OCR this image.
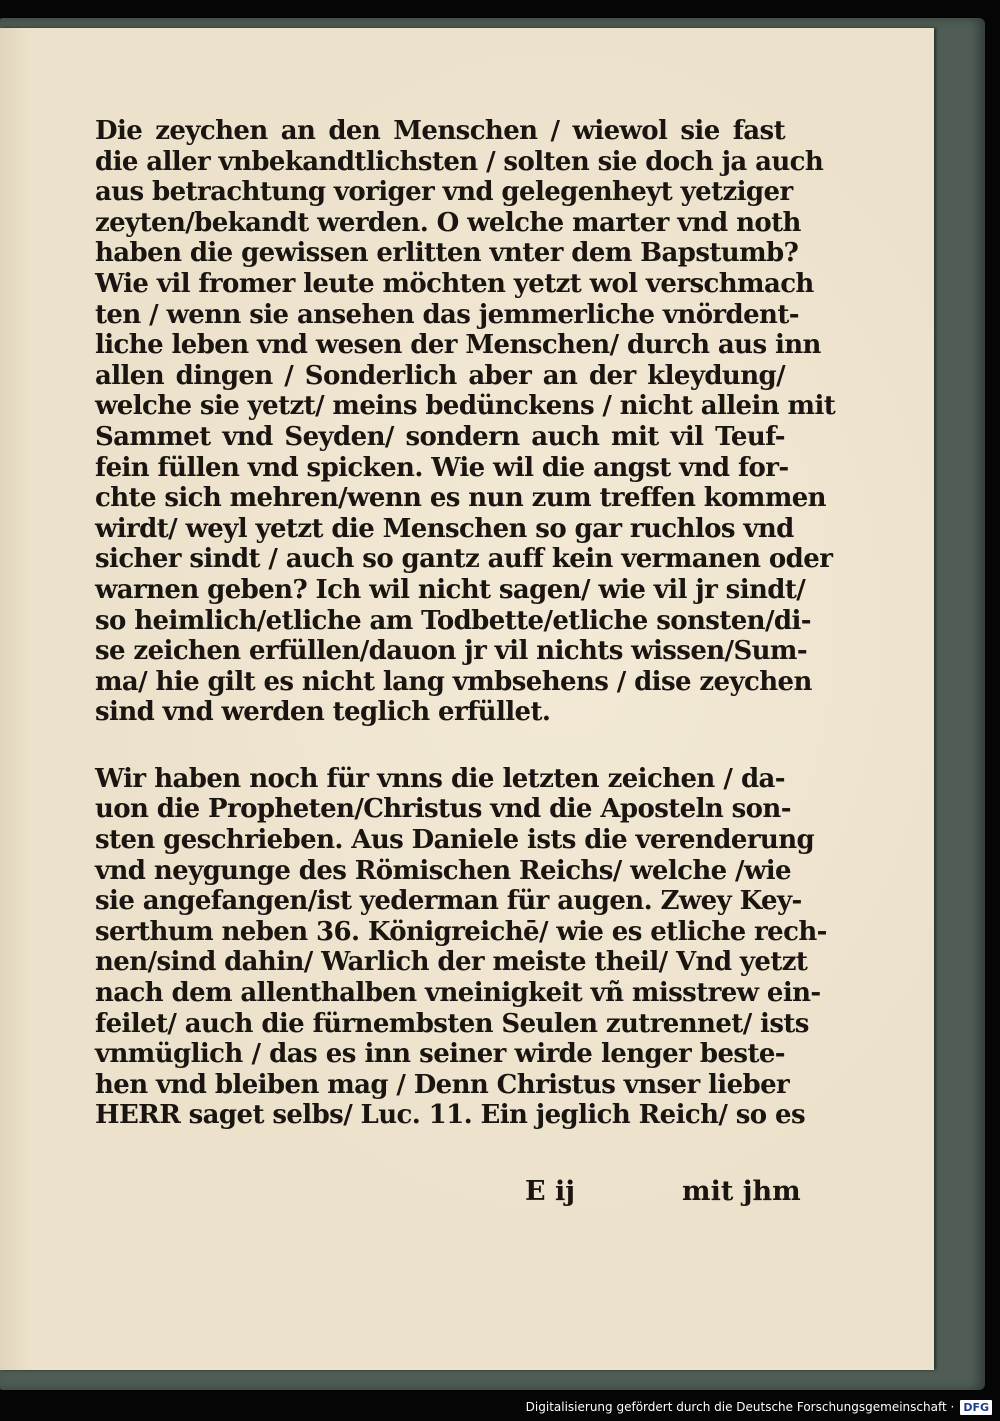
Die zeychen an den Menschen / wiewol sie fast
die aller vnbekandtlichsten / solten sie doch ja auch
aus betrachtung voriger vnd gelegenheyt yetziger
zeyten/bekandt werden. O welche marter vnd noth
haben die gewissen erlitten vnter dem Bapstumb?
Wie vil fromer leute möchten yetzt wol verschmach
ten / wenn sie ansehen das jemmerliche vnördent-
liche leben vnd wesen der Menschen/ durch aus inn
allen dingen / Sonderlich aber an der kleydung/
welche sie yetzt/ meins bedünckens / nicht allein mit
Sammet vnd Seyden/ sondern auch mit vil Teuf-
fein füllen vnd spicken. Wie wil die angst vnd for-
chte sich mehren/wenn es nun zum treffen kommen
wirdt/ weyl yetzt die Menschen so gar ruchlos vnd
sicher sindt / auch so gantz auff kein vermanen oder
warnen geben? Ich wil nicht sagen/ wie vil jr sindt/
so heimlich/etliche am Todbette/etliche sonsten/di-
se zeichen erfüllen/dauon jr vil nichts wissen/Sum-
ma/ hie gilt es nicht lang vmbsehens / dise zeychen
sind vnd werden teglich erfüllet.
Wir haben noch für vnns die letzten zeichen / da-
uon die Propheten/Christus vnd die Aposteln son-
sten geschrieben. Aus Daniele ists die verenderung
vnd neygunge des Römischen Reichs/ welche /wie
sie angefangen/ist yederman für augen. Zwey Key-
serthum neben 36. Königreichē/ wie es etliche rech-
nen/sind dahin/ Warlich der meiste theil/ Vnd yetzt
nach dem allenthalben vneinigkeit vñ misstrew ein-
feilet/ auch die fürnembsten Seulen zutrennet/ ists
vnmüglich / das es inn seiner wirde lenger beste-
hen vnd bleiben mag / Denn Christus vnser lieber
HERR saget selbs/ Luc. 11. Ein jeglich Reich/ so es
E ij	mit jhm
Digitalisierung gefördert durch die Deutsche Forschungsgemeinschaft · DFG
